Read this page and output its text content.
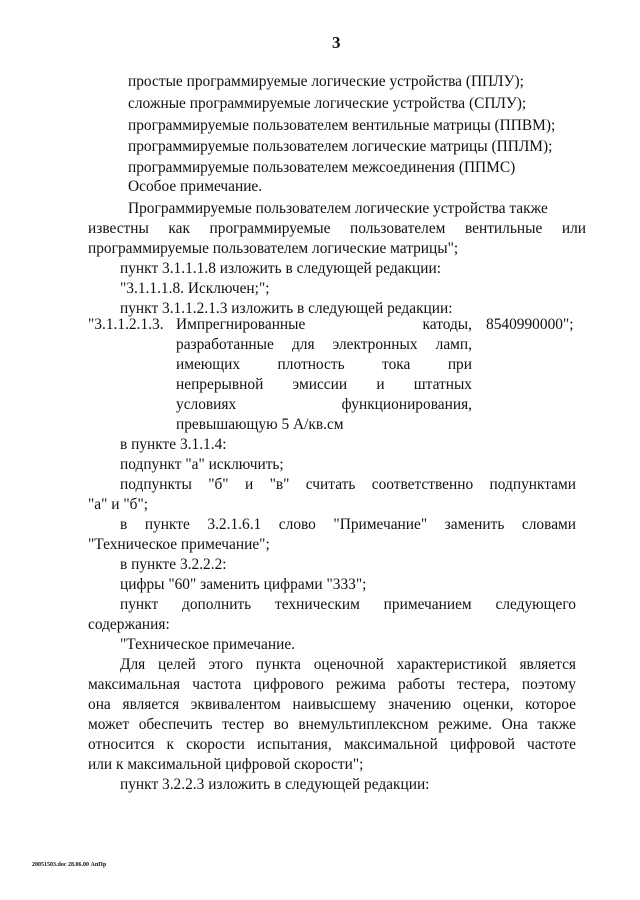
3
простые программируемые логические устройства (ППЛУ);
сложные программируемые логические устройства (СПЛУ);
программируемые пользователем вентильные матрицы (ППВМ);
программируемые пользователем логические матрицы (ППЛМ);
программируемые пользователем межсоединения (ППМС)
Особое примечание.
Программируемые пользователем логические устройства также
известны как программируемые пользователем вентильные или
программируемые пользователем логические матрицы";
пункт 3.1.1.1.8 изложить в следующей редакции:
"3.1.1.1.8. Исключен;";
пункт 3.1.1.2.1.3 изложить в следующей редакции:
"3.1.1.2.1.3.	8540990000";
Импрегнированные катоды,
разработанные для электронных ламп,
имеющих плотность тока при
непрерывной эмиссии и штатных
условиях функционирования,
превышающую 5 А/кв.см
в пункте 3.1.1.4:
подпункт "а" исключить;
подпункты "б" и "в" считать соответственно подпунктами
"а" и "б";
в пункте 3.2.1.6.1 слово "Примечание" заменить словами
"Техническое примечание";
в пункте 3.2.2.2:
цифры "60" заменить цифрами "333";
пункт дополнить техническим примечанием следующего
содержания:
"Техническое примечание.
Для целей этого пункта оценочной характеристикой является
максимальная частота цифрового режима работы тестера, поэтому
она является эквивалентом наивысшему значению оценки, которое
может обеспечить тестер во внемультиплексном режиме. Она также
относится к скорости испытания, максимальной цифровой частоте
или к максимальной цифровой скорости";
пункт 3.2.2.3 изложить в следующей редакции:
20051503.doc 28.06.00 АпПр
